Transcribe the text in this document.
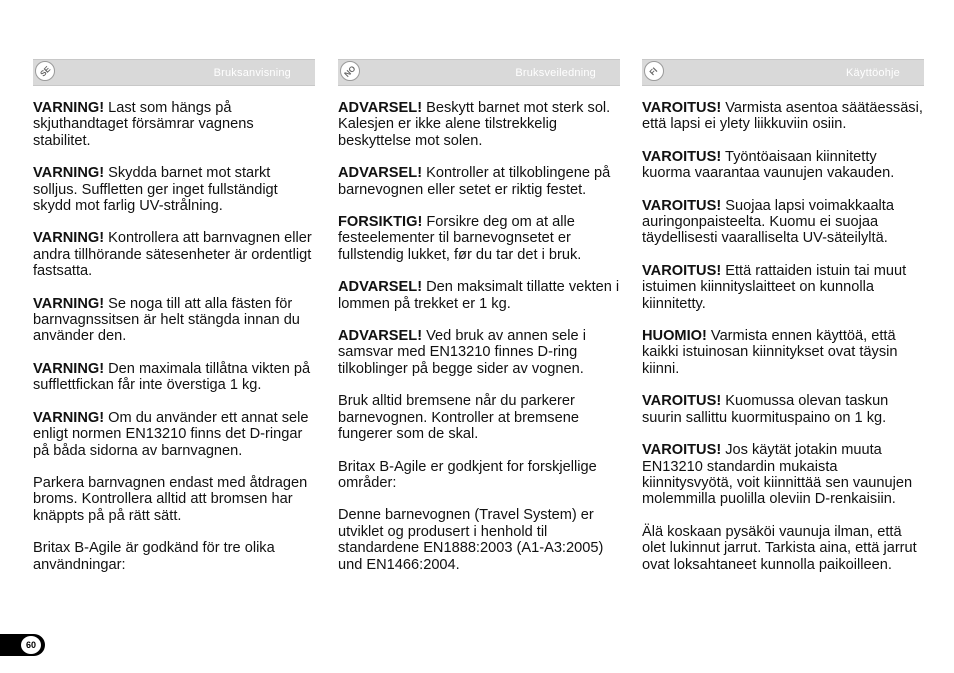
SE	Bruksanvisning

VARNING! Last som hängs på skjuthandtaget försämrar vagnens stabilitet.

VARNING! Skydda barnet mot starkt solljus. Suffletten ger inget fullständigt skydd mot farlig UV-strålning.

VARNING! Kontrollera att barnvagnen eller andra tillhörande sätesenheter är ordentligt fastsatta.

VARNING! Se noga till att alla fästen för barnvagnssitsen är helt stängda innan du använder den.

VARNING! Den maximala tillåtna vikten på sufflettfickan får inte överstiga 1 kg.

VARNING! Om du använder ett annat sele enligt normen EN13210 finns det D-ringar på båda sidorna av barnvagnen.

Parkera barnvagnen endast med åtdragen broms. Kontrollera alltid att bromsen har knäppts på på rätt sätt.

Britax B-Agile är godkänd för tre olika användningar:

NO	Bruksveiledning

ADVARSEL! Beskytt barnet mot sterk sol. Kalesjen er ikke alene tilstrekkelig beskyttelse mot solen.

ADVARSEL! Kontroller at tilkoblingene på barnevognen eller setet er riktig festet.

FORSIKTIG! Forsikre deg om at alle festeelementer til barnevognsetet er fullstendig lukket, før du tar det i bruk.

ADVARSEL! Den maksimalt tillatte vekten i lommen på trekket er 1 kg.

ADVARSEL! Ved bruk av annen sele i samsvar med EN13210 finnes D-ring tilkoblinger på begge sider av vognen.

Bruk alltid bremsene når du parkerer barnevognen. Kontroller at bremsene fungerer som de skal.

Britax B-Agile er godkjent for forskjellige områder:

Denne barnevognen (Travel System) er utviklet og produsert i henhold til standardene EN1888:2003 (A1-A3:2005) und EN1466:2004.

FI	Käyttöohje

VAROITUS! Varmista asentoa säätäessäsi, että lapsi ei ylety liikkuviin osiin.

VAROITUS! Työntöaisaan kiinnitetty kuorma vaarantaa vaunujen vakauden.

VAROITUS! Suojaa lapsi voimakkaalta auringonpaisteelta. Kuomu ei suojaa täydellisesti vaaralliselta UV-säteilyltä.

VAROITUS! Että rattaiden istuin tai muut istuimen kiinnityslaitteet on kunnolla kiinnitetty.

HUOMIO! Varmista ennen käyttöä, että kaikki istuinosan kiinnitykset ovat täysin kiinni.

VAROITUS! Kuomussa olevan taskun suurin sallittu kuormituspaino on 1 kg.

VAROITUS! Jos käytät jotakin muuta EN13210 standardin mukaista kiinnitysvyötä, voit kiinnittää sen vaunujen molemmilla puolilla oleviin D-renkaisiin.

Älä koskaan pysäköi vaunuja ilman, että olet lukinnut jarrut. Tarkista aina, että jarrut ovat loksahtaneet kunnolla paikoilleen.

60
